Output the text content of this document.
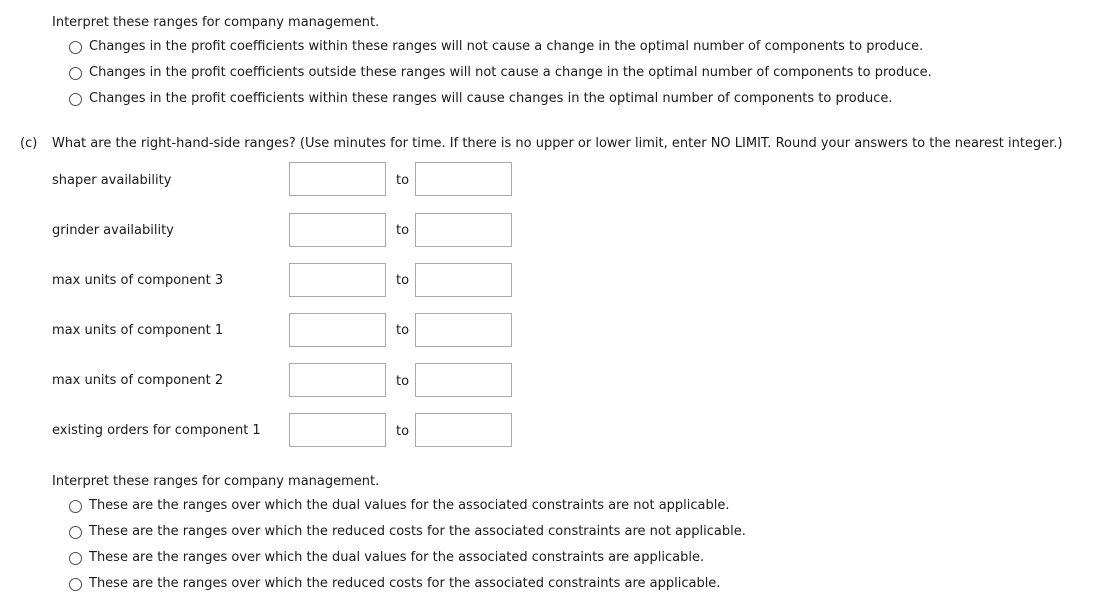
Interpret these ranges for company management.
Changes in the profit coefficients within these ranges will not cause a change in the optimal number of components to produce.
Changes in the profit coefficients outside these ranges will not cause a change in the optimal number of components to produce.
Changes in the profit coefficients within these ranges will cause changes in the optimal number of components to produce.
(c) What are the right-hand-side ranges? (Use minutes for time. If there is no upper or lower limit, enter NO LIMIT. Round your answers to the nearest integer.)
shaper availability	to
grinder availability	to
max units of component 3	to
max units of component 1	to
max units of component 2	to
existing orders for component 1	to
Interpret these ranges for company management.
These are the ranges over which the dual values for the associated constraints are not applicable.
These are the ranges over which the reduced costs for the associated constraints are not applicable.
These are the ranges over which the dual values for the associated constraints are applicable.
These are the ranges over which the reduced costs for the associated constraints are applicable.
